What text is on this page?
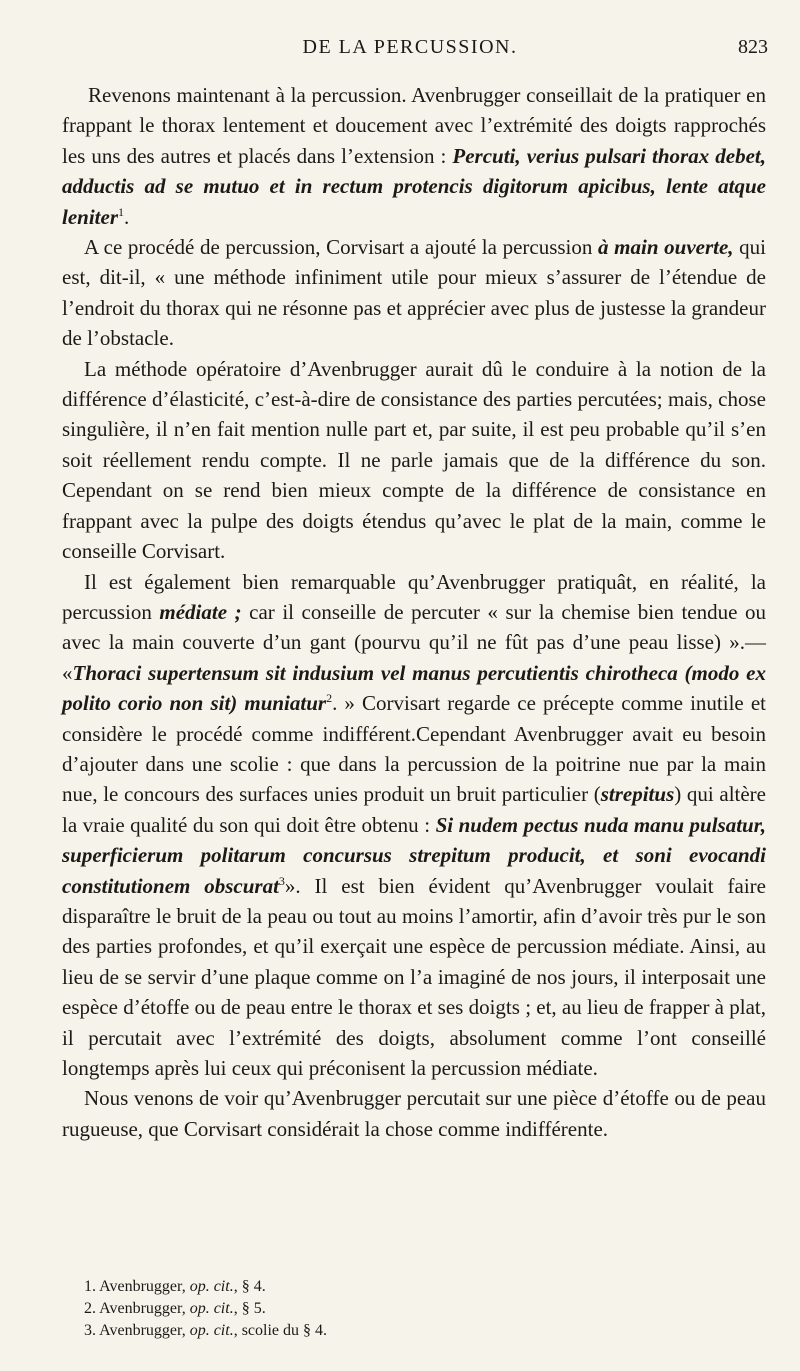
DE LA PERCUSSION.	823

Revenons maintenant à la percussion. Avenbrugger conseillait de la pratiquer en frappant le thorax lentement et doucement avec l’extrémité des doigts rapprochés les uns des autres et placés dans l’extension : Percuti, verius pulsari thorax debet, adductis ad se mutuo et in rectum protencis digitorum apicibus, lente atque leniter$^1$.

A ce procédé de percussion, Corvisart a ajouté la percussion à main ouverte, qui est, dit-il, « une méthode infiniment utile pour mieux s’assurer de l’étendue de l’endroit du thorax qui ne résonne pas et apprécier avec plus de justesse la grandeur de l’obstacle.

La méthode opératoire d’Avenbrugger aurait dû le conduire à la notion de la différence d’élasticité, c’est-à-dire de consistance des parties percutées; mais, chose singulière, il n’en fait mention nulle part et, par suite, il est peu probable qu’il s’en soit réellement rendu compte. Il ne parle jamais que de la différence du son. Cependant on se rend bien mieux compte de la différence de consistance en frappant avec la pulpe des doigts étendus qu’avec le plat de la main, comme le conseille Corvisart.

Il est également bien remarquable qu’Avenbrugger pratiquât, en réalité, la percussion médiate ; car il conseille de percuter « sur la chemise bien tendue ou avec la main couverte d’un gant (pourvu qu’il ne fût pas d’une peau lisse) ».— «Thoraci supertensum sit indusium vel manus percutientis chirotheca (modo ex polito corio non sit) muniatur$^2$. » Corvisart regarde ce précepte comme inutile et considère le procédé comme indifférent.Cependant Avenbrugger avait eu besoin d’ajouter dans une scolie : que dans la percussion de la poitrine nue par la main nue, le concours des surfaces unies produit un bruit particulier (strepitus) qui altère la vraie qualité du son qui doit être obtenu : Si nudem pectus nuda manu pulsatur, superficierum politarum concursus strepitum producit, et soni evocandi constitutionem obscurat$^3$». Il est bien évident qu’Avenbrugger voulait faire disparaître le bruit de la peau ou tout au moins l’amortir, afin d’avoir très pur le son des parties profondes, et qu’il exerçait une espèce de percussion médiate. Ainsi, au lieu de se servir d’une plaque comme on l’a imaginé de nos jours, il interposait une espèce d’étoffe ou de peau entre le thorax et ses doigts ; et, au lieu de frapper à plat, il percutait avec l’extrémité des doigts, absolument comme l’ont conseillé longtemps après lui ceux qui préconisent la percussion médiate.

Nous venons de voir qu’Avenbrugger percutait sur une pièce d’étoffe ou de peau rugueuse, que Corvisart considérait la chose comme indifférente.

1. Avenbrugger, op. cit., § 4.
2. Avenbrugger, op. cit., § 5.
3. Avenbrugger, op. cit., scolie du § 4.
